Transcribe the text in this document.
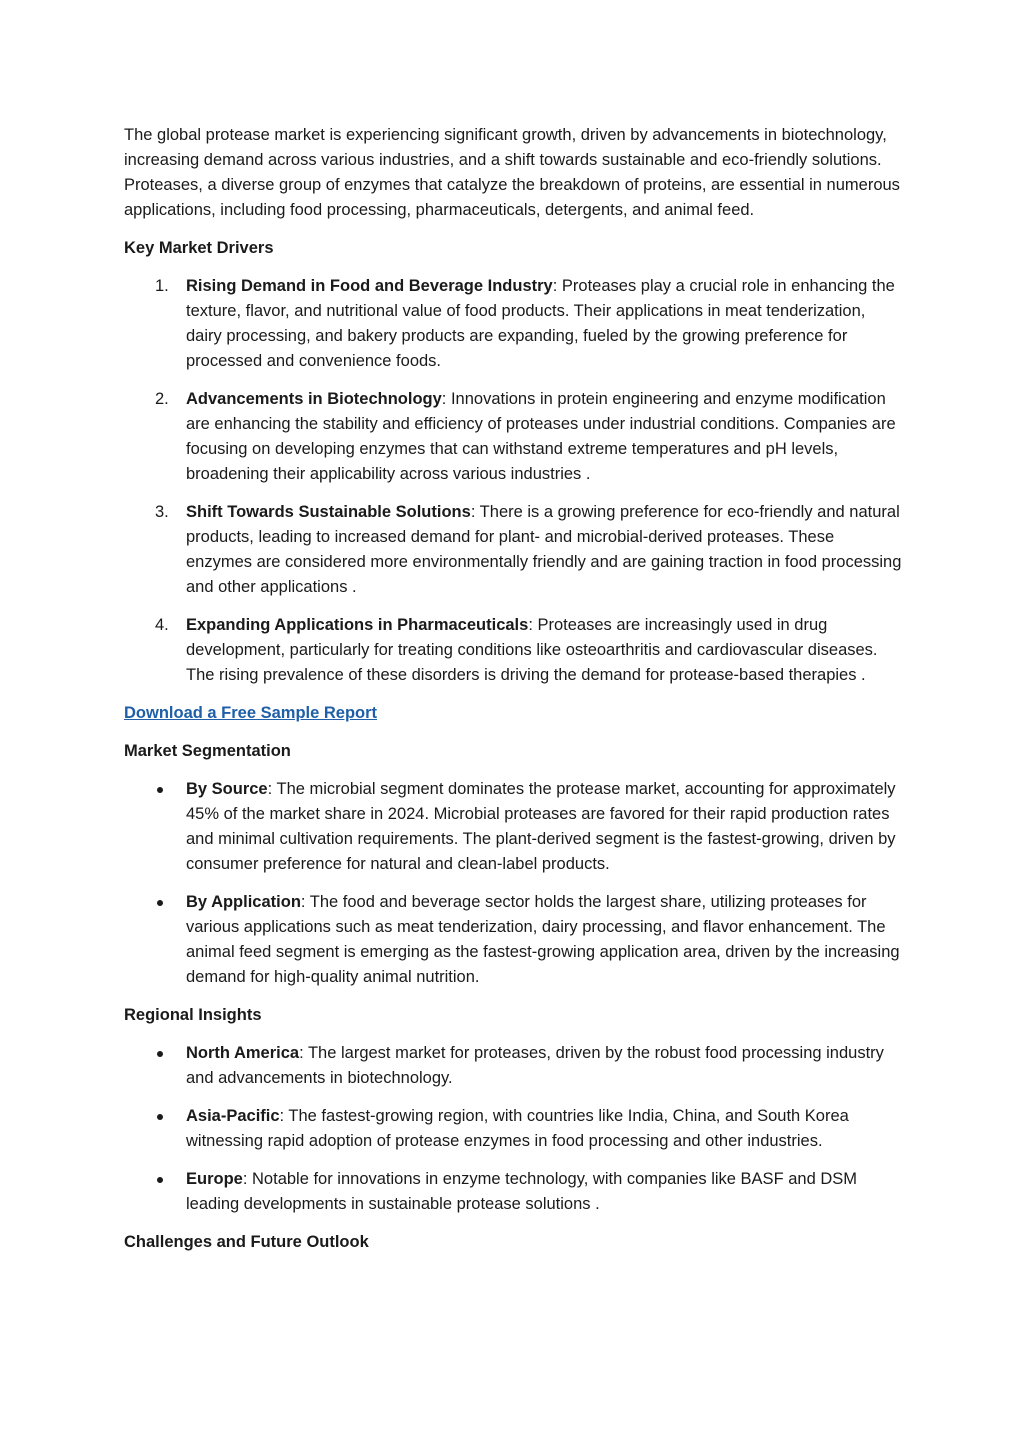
The global protease market is experiencing significant growth, driven by advancements in biotechnology, increasing demand across various industries, and a shift towards sustainable and eco-friendly solutions. Proteases, a diverse group of enzymes that catalyze the breakdown of proteins, are essential in numerous applications, including food processing, pharmaceuticals, detergents, and animal feed.

Key Market Drivers

1. Rising Demand in Food and Beverage Industry: Proteases play a crucial role in enhancing the texture, flavor, and nutritional value of food products. Their applications in meat tenderization, dairy processing, and bakery products are expanding, fueled by the growing preference for processed and convenience foods.
2. Advancements in Biotechnology: Innovations in protein engineering and enzyme modification are enhancing the stability and efficiency of proteases under industrial conditions. Companies are focusing on developing enzymes that can withstand extreme temperatures and pH levels, broadening their applicability across various industries .
3. Shift Towards Sustainable Solutions: There is a growing preference for eco-friendly and natural products, leading to increased demand for plant- and microbial-derived proteases. These enzymes are considered more environmentally friendly and are gaining traction in food processing and other applications .
4. Expanding Applications in Pharmaceuticals: Proteases are increasingly used in drug development, particularly for treating conditions like osteoarthritis and cardiovascular diseases. The rising prevalence of these disorders is driving the demand for protease-based therapies .
Download a Free Sample Report

Market Segmentation

By Source: The microbial segment dominates the protease market, accounting for approximately 45% of the market share in 2024. Microbial proteases are favored for their rapid production rates and minimal cultivation requirements. The plant-derived segment is the fastest-growing, driven by consumer preference for natural and clean-label products.
By Application: The food and beverage sector holds the largest share, utilizing proteases for various applications such as meat tenderization, dairy processing, and flavor enhancement. The animal feed segment is emerging as the fastest-growing application area, driven by the increasing demand for high-quality animal nutrition.

Regional Insights

North America: The largest market for proteases, driven by the robust food processing industry and advancements in biotechnology.
Asia-Pacific: The fastest-growing region, with countries like India, China, and South Korea witnessing rapid adoption of protease enzymes in food processing and other industries.
Europe: Notable for innovations in enzyme technology, with companies like BASF and DSM leading developments in sustainable protease solutions .

Challenges and Future Outlook
